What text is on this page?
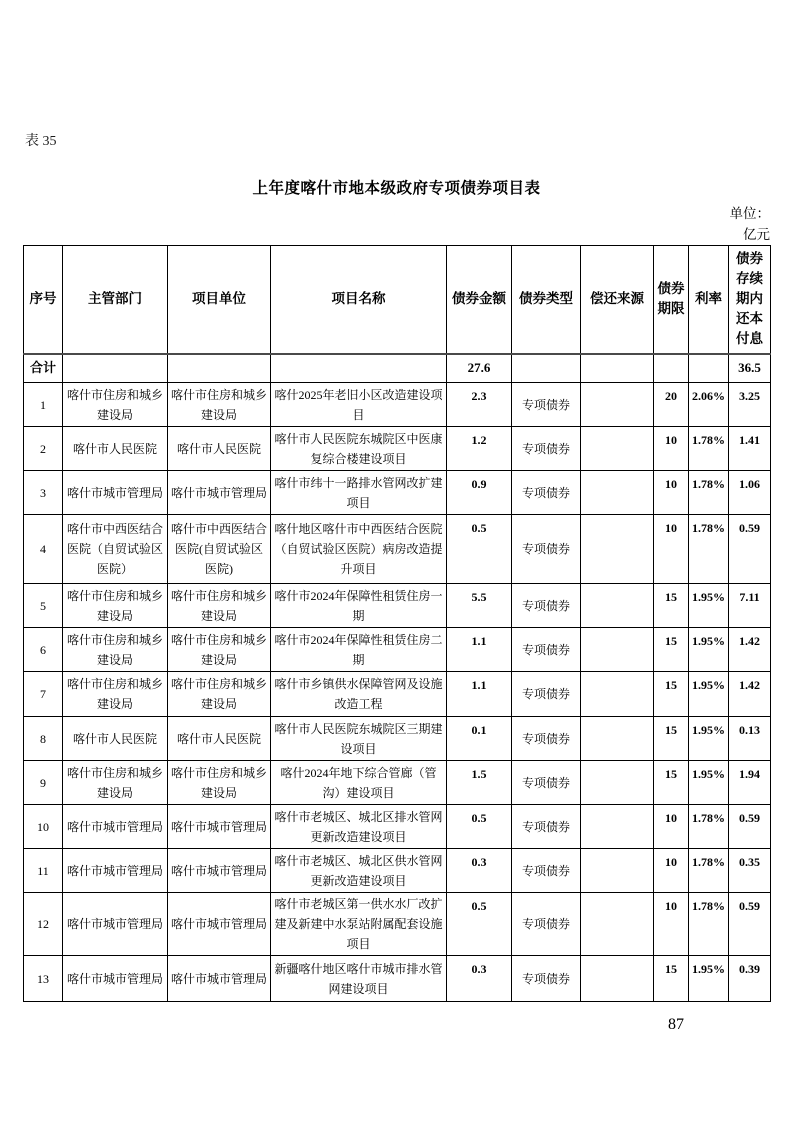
表 35
上年度喀什市地本级政府专项债券项目表
单位：
亿元
序号	主管部门	项目单位	项目名称	债券金额	债券类型	偿还来源	债券期限	利率	债券存续期内还本付息
合计				27.6					36.5
1	喀什市住房和城乡建设局	喀什市住房和城乡建设局	喀什2025年老旧小区改造建设项目	2.3	专项债券		20	2.06%	3.25
2	喀什市人民医院	喀什市人民医院	喀什市人民医院东城院区中医康复综合楼建设项目	1.2	专项债券		10	1.78%	1.41
3	喀什市城市管理局	喀什市城市管理局	喀什市纬十一路排水管网改扩建项目	0.9	专项债券		10	1.78%	1.06
4	喀什市中西医结合医院（自贸试验区医院）	喀什市中西医结合医院(自贸试验区医院)	喀什地区喀什市中西医结合医院（自贸试验区医院）病房改造提升项目	0.5	专项债券		10	1.78%	0.59
5	喀什市住房和城乡建设局	喀什市住房和城乡建设局	喀什市2024年保障性租赁住房一期	5.5	专项债券		15	1.95%	7.11
6	喀什市住房和城乡建设局	喀什市住房和城乡建设局	喀什市2024年保障性租赁住房二期	1.1	专项债券		15	1.95%	1.42
7	喀什市住房和城乡建设局	喀什市住房和城乡建设局	喀什市乡镇供水保障管网及设施改造工程	1.1	专项债券		15	1.95%	1.42
8	喀什市人民医院	喀什市人民医院	喀什市人民医院东城院区三期建设项目	0.1	专项债券		15	1.95%	0.13
9	喀什市住房和城乡建设局	喀什市住房和城乡建设局	喀什2024年地下综合管廊（管沟）建设项目	1.5	专项债券		15	1.95%	1.94
10	喀什市城市管理局	喀什市城市管理局	喀什市老城区、城北区排水管网更新改造建设项目	0.5	专项债券		10	1.78%	0.59
11	喀什市城市管理局	喀什市城市管理局	喀什市老城区、城北区供水管网更新改造建设项目	0.3	专项债券		10	1.78%	0.35
12	喀什市城市管理局	喀什市城市管理局	喀什市老城区第一供水水厂改扩建及新建中水泵站附属配套设施项目	0.5	专项债券		10	1.78%	0.59
13	喀什市城市管理局	喀什市城市管理局	新疆喀什地区喀什市城市排水管网建设项目	0.3	专项债券		15	1.95%	0.39
87
